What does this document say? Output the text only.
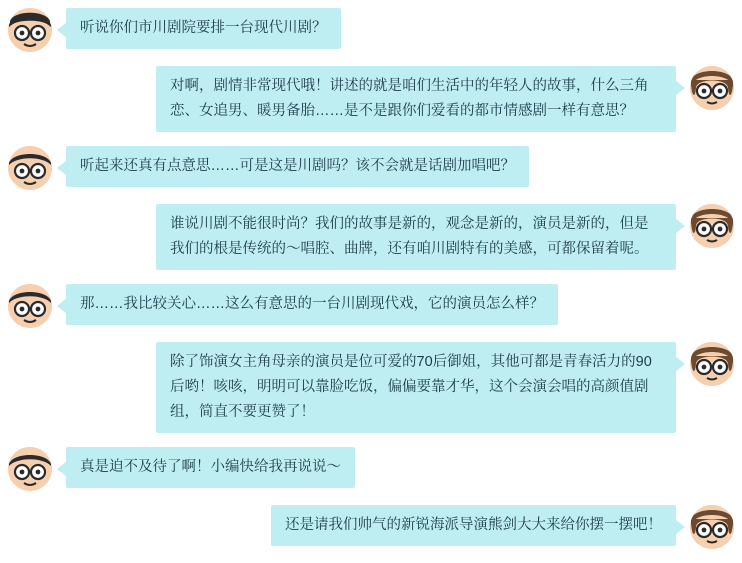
听说你们市川剧院要排一台现代川剧？
对啊，剧情非常现代哦！讲述的就是咱们生活中的年轻人的故事，什么三角恋、女追男、暖男备胎……是不是跟你们爱看的都市情感剧一样有意思？
听起来还真有点意思……可是这是川剧吗？该不会就是话剧加唱吧？
谁说川剧不能很时尚？我们的故事是新的，观念是新的，演员是新的，但是我们的根是传统的～唱腔、曲牌，还有咱川剧特有的美感，可都保留着呢。
那……我比较关心……这么有意思的一台川剧现代戏，它的演员怎么样？
除了饰演女主角母亲的演员是位可爱的70后御姐，其他可都是青春活力的90后哟！咳咳，明明可以靠脸吃饭，偏偏要靠才华，这个会演会唱的高颜值剧组，简直不要更赞了！
真是迫不及待了啊！小编快给我再说说～
还是请我们帅气的新锐海派导演熊剑大大来给你摆一摆吧！
